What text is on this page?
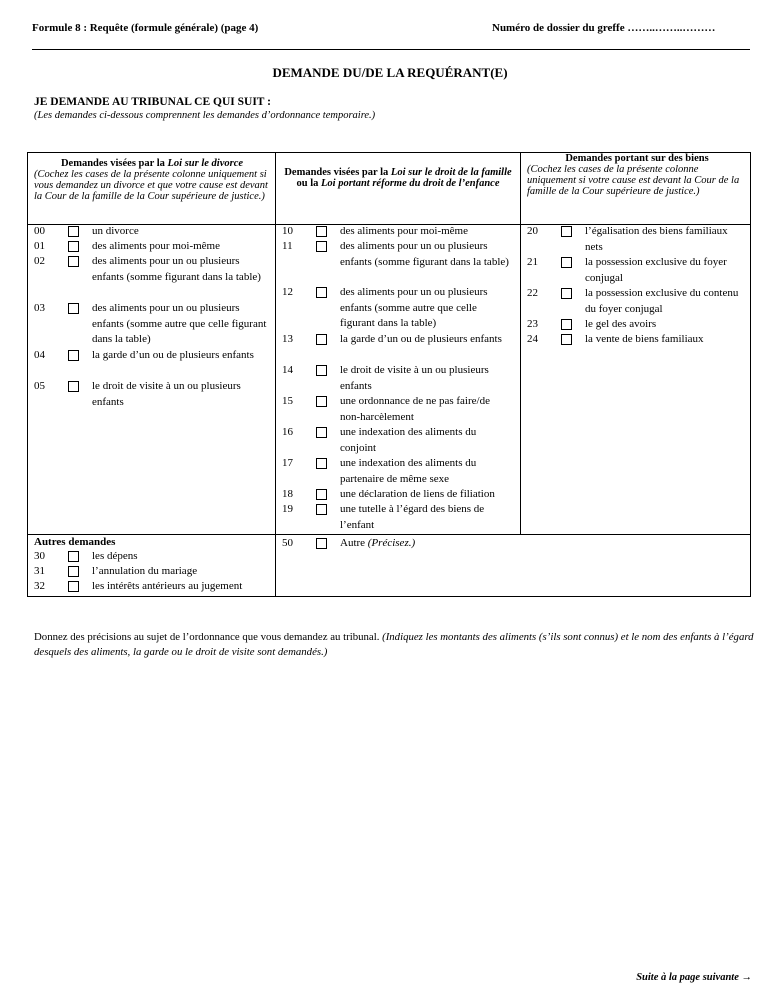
Formule 8 : Requête (formule générale) (page 4)	Numéro de dossier du greffe ……..……..………
DEMANDE DU/DE LA REQUÉRANT(E)
JE DEMANDE AU TRIBUNAL CE QUI SUIT :
(Les demandes ci-dessous comprennent les demandes d’ordonnance temporaire.)
Demandes visées par la Loi sur le divorce
(Cochez les cases de la présente colonne uniquement si vous demandez un divorce et que votre cause est devant la Cour de la famille de la Cour supérieure de justice.)
Demandes visées par la Loi sur le droit de la famille ou la Loi portant réforme du droit de l’enfance
Demandes portant sur des biens
(Cochez les cases de la présente colonne uniquement si votre cause est devant la Cour de la famille de la Cour supérieure de justice.)
00	un divorce
01	des aliments pour moi-même
02	des aliments pour un ou plusieurs enfants (somme figurant dans la table)
03	des aliments pour un ou plusieurs enfants (somme autre que celle figurant dans la table)
04	la garde d’un ou de plusieurs enfants
05	le droit de visite à un ou plusieurs enfants
10	des aliments pour moi-même
11	des aliments pour un ou plusieurs enfants (somme figurant dans la table)
12	des aliments pour un ou plusieurs enfants (somme autre que celle figurant dans la table)
13	la garde d’un ou de plusieurs enfants
14	le droit de visite à un ou plusieurs enfants
15	une ordonnance de ne pas faire/de non-harcèlement
16	une indexation des aliments du conjoint
17	une indexation des aliments du partenaire de même sexe
18	une déclaration de liens de filiation
19	une tutelle à l’égard des biens de l’enfant
20	l’égalisation des biens familiaux nets
21	la possession exclusive du foyer conjugal
22	la possession exclusive du contenu du foyer conjugal
23	le gel des avoirs
24	la vente de biens familiaux
Autres demandes
30	les dépens
31	l’annulation du mariage
32	les intérêts antérieurs au jugement
50	Autre (Précisez.)
Donnez des précisions au sujet de l’ordonnance que vous demandez au tribunal. (Indiquez les montants des aliments (s’ils sont connus) et le nom des enfants à l’égard desquels des aliments, la garde ou le droit de visite sont demandés.)
Suite à la page suivante →
